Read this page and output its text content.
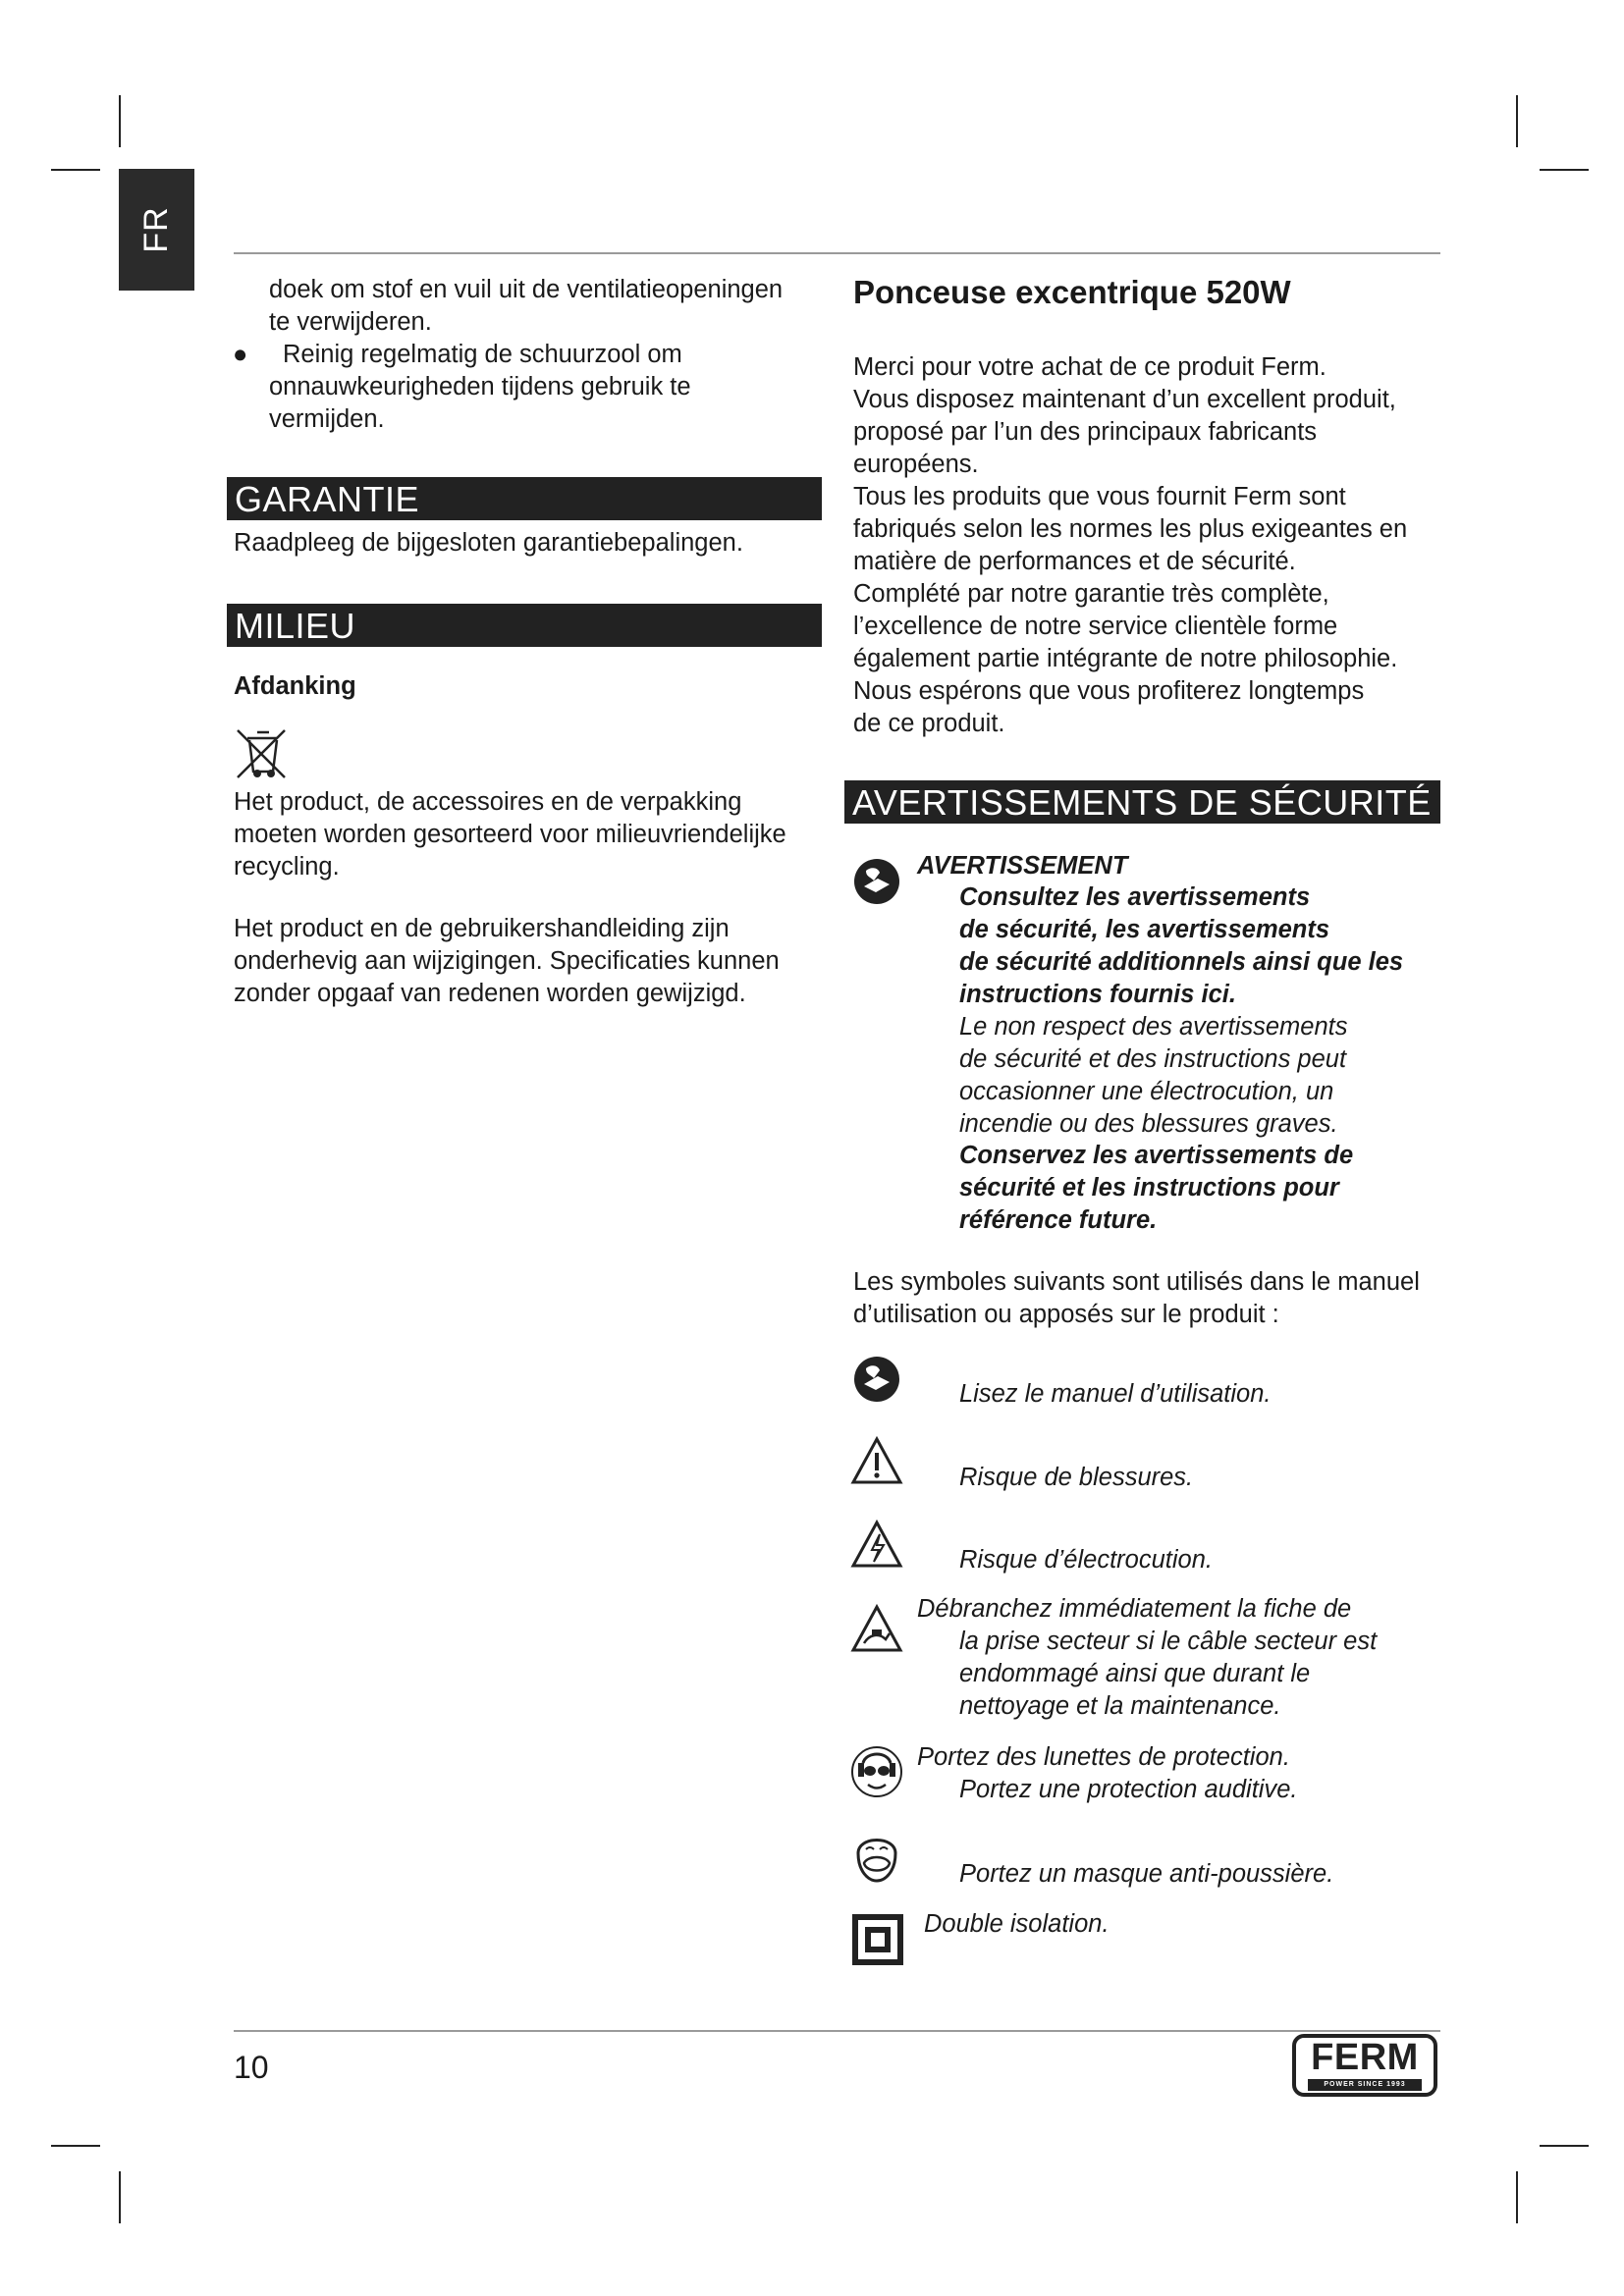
FR

doek om stof en vuil uit de ventilatieopeningen

te verwijderen.

●	Reinig regelmatig de schuurzool om

onnauwkeurigheden tijdens gebruik te

vermijden.

GARANTIE

Raadpleeg de bijgesloten garantiebepalingen.

MILIEU

Afdanking

Het product, de accessoires en de verpakking

moeten worden gesorteerd voor milieuvriendelijke

recycling.

Het product en de gebruikershandleiding zijn

onderhevig aan wijzigingen. Specificaties kunnen

zonder opgaaf van redenen worden gewijzigd.

Ponceuse excentrique 520W

Merci pour votre achat de ce produit Ferm.

Vous disposez maintenant d’un excellent produit,

proposé par l’un des principaux fabricants

européens.

Tous les produits que vous fournit Ferm sont

fabriqués selon les normes les plus exigeantes en

matière de performances et de sécurité.

Complété par notre garantie très complète,

l’excellence de notre service clientèle forme

également partie intégrante de notre philosophie.

Nous espérons que vous profiterez longtemps

de ce produit.

AVERTISSEMENTS DE SÉCURITÉ

AVERTISSEMENT

Consultez les avertissements

de sécurité, les avertissements

de sécurité additionnels ainsi que les

instructions fournis ici.

Le non respect des avertissements

de sécurité et des instructions peut

occasionner une électrocution, un

incendie ou des blessures graves.

Conservez les avertissements de

sécurité et les instructions pour

référence future.

Les symboles suivants sont utilisés dans le manuel

d’utilisation ou apposés sur le produit :

Lisez le manuel d’utilisation.

Risque de blessures.

Risque d’électrocution.

Débranchez immédiatement la fiche de

la prise secteur si le câble secteur est

endommagé ainsi que durant le

nettoyage et la maintenance.

Portez des lunettes de protection.

Portez une protection auditive.

Portez un masque anti-poussière.

Double isolation.

10	FERM
POWER SINCE 1993
